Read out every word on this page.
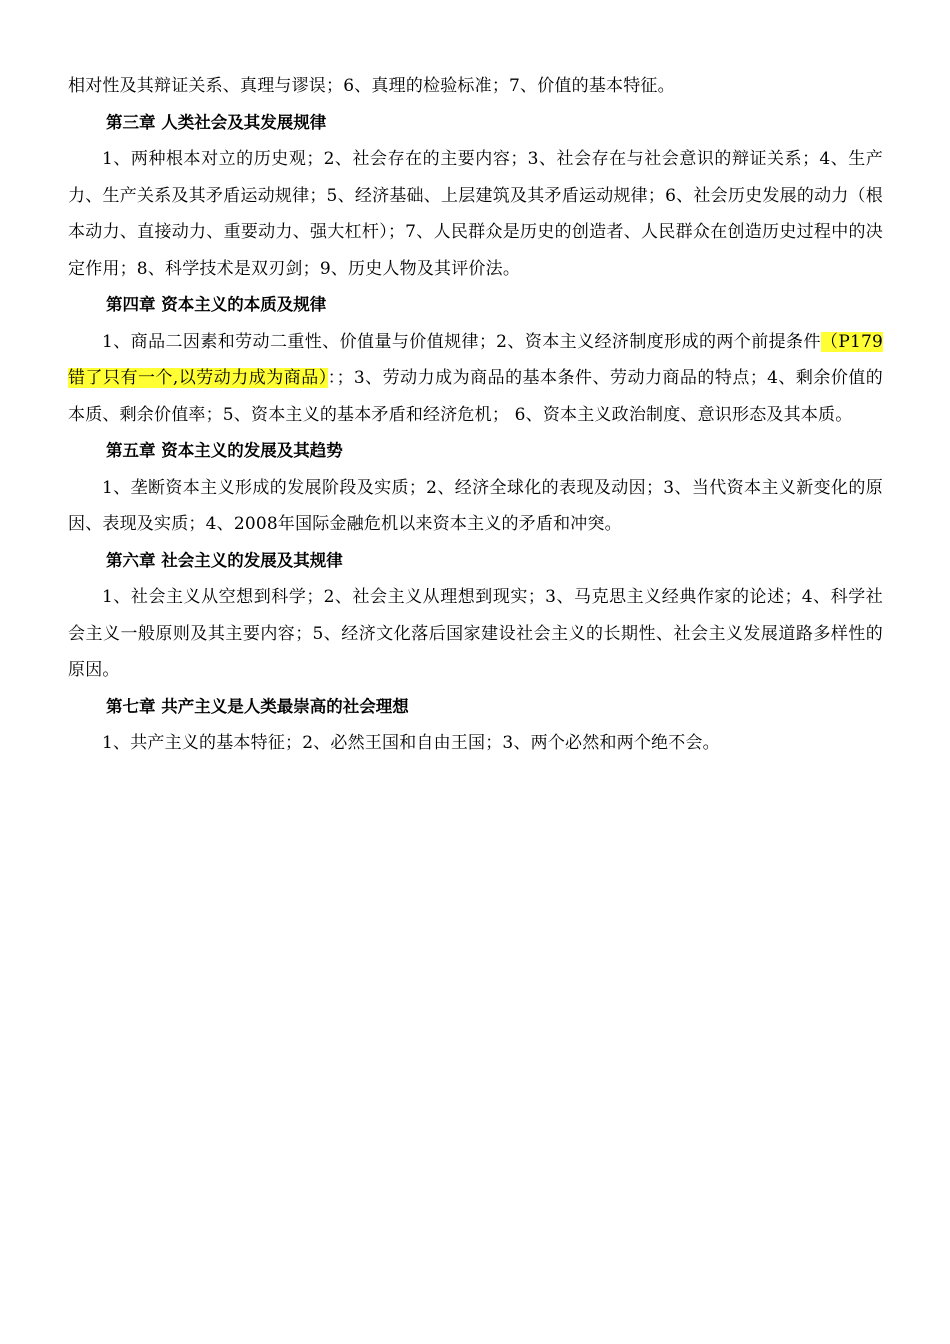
相对性及其辩证关系、真理与谬误；6、真理的检验标准；7、价值的基本特征。

第三章 人类社会及其发展规律

1、两种根本对立的历史观；2、社会存在的主要内容；3、社会存在与社会意识的辩证关系；4、生产力、生产关系及其矛盾运动规律；5、经济基础、上层建筑及其矛盾运动规律；6、社会历史发展的动力（根本动力、直接动力、重要动力、强大杠杆）；7、人民群众是历史的创造者、人民群众在创造历史过程中的决定作用；8、科学技术是双刃剑；9、历史人物及其评价法。

第四章 资本主义的本质及规律

1、商品二因素和劳动二重性、价值量与价值规律；2、资本主义经济制度形成的两个前提条件（P179错了只有一个,以劳动力成为商品）：；3、劳动力成为商品的基本条件、劳动力商品的特点；4、剩余价值的本质、剩余价值率；5、资本主义的基本矛盾和经济危机； 6、资本主义政治制度、意识形态及其本质。

第五章 资本主义的发展及其趋势

1、垄断资本主义形成的发展阶段及实质；2、经济全球化的表现及动因；3、当代资本主义新变化的原因、表现及实质；4、2008年国际金融危机以来资本主义的矛盾和冲突。

第六章 社会主义的发展及其规律

1、社会主义从空想到科学；2、社会主义从理想到现实；3、马克思主义经典作家的论述；4、科学社会主义一般原则及其主要内容；5、经济文化落后国家建设社会主义的长期性、社会主义发展道路多样性的原因。

第七章 共产主义是人类最崇高的社会理想

1、共产主义的基本特征；2、必然王国和自由王国；3、两个必然和两个绝不会。
